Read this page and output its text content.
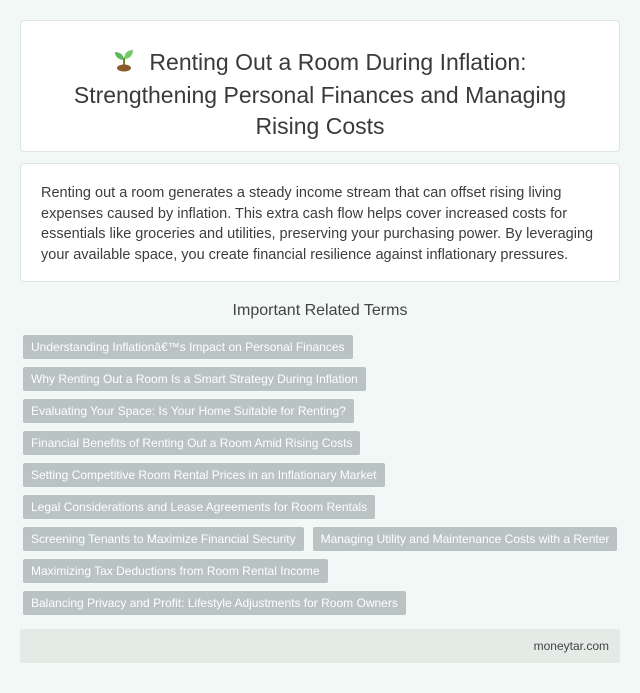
Renting Out a Room During Inflation: Strengthening Personal Finances and Managing Rising Costs

Renting out a room generates a steady income stream that can offset rising living expenses caused by inflation. This extra cash flow helps cover increased costs for essentials like groceries and utilities, preserving your purchasing power. By leveraging your available space, you create financial resilience against inflationary pressures.

Important Related Terms
Understanding Inflationâ€™s Impact on Personal Finances
Why Renting Out a Room Is a Smart Strategy During Inflation
Evaluating Your Space: Is Your Home Suitable for Renting?
Financial Benefits of Renting Out a Room Amid Rising Costs
Setting Competitive Room Rental Prices in an Inflationary Market
Legal Considerations and Lease Agreements for Room Rentals
Screening Tenants to Maximize Financial Security	Managing Utility and Maintenance Costs with a Renter
Maximizing Tax Deductions from Room Rental Income
Balancing Privacy and Profit: Lifestyle Adjustments for Room Owners
moneytar.com
